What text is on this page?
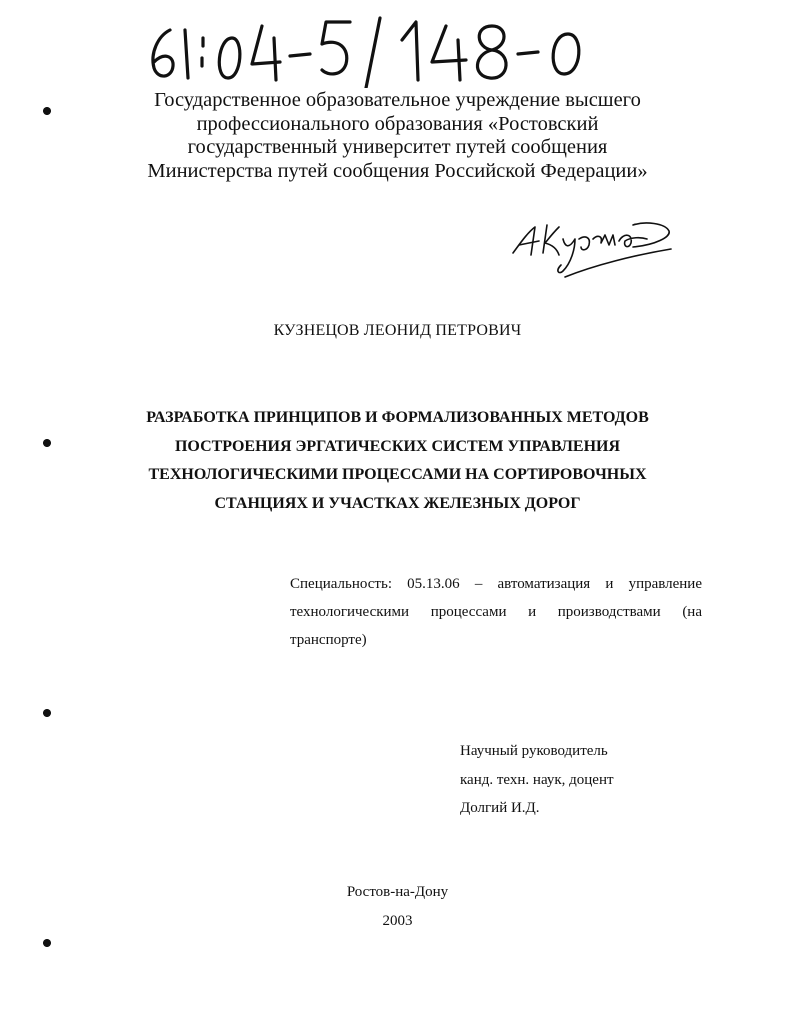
Государственное образовательное учреждение высшего
профессионального образования «Ростовский
государственный университет путей сообщения
Министерства путей сообщения Российской Федерации»
КУЗНЕЦОВ ЛЕОНИД ПЕТРОВИЧ
РАЗРАБОТКА ПРИНЦИПОВ И ФОРМАЛИЗОВАННЫХ МЕТОДОВ
ПОСТРОЕНИЯ ЭРГАТИЧЕСКИХ СИСТЕМ УПРАВЛЕНИЯ
ТЕХНОЛОГИЧЕСКИМИ ПРОЦЕССАМИ НА СОРТИРОВОЧНЫХ
СТАНЦИЯХ И УЧАСТКАХ ЖЕЛЕЗНЫХ ДОРОГ
Специальность: 05.13.06 – автоматизация и управление технологическими процессами и производствами (на транспорте)
Научный руководитель
канд. техн. наук, доцент
Долгий И.Д.
Ростов-на-Дону
2003
